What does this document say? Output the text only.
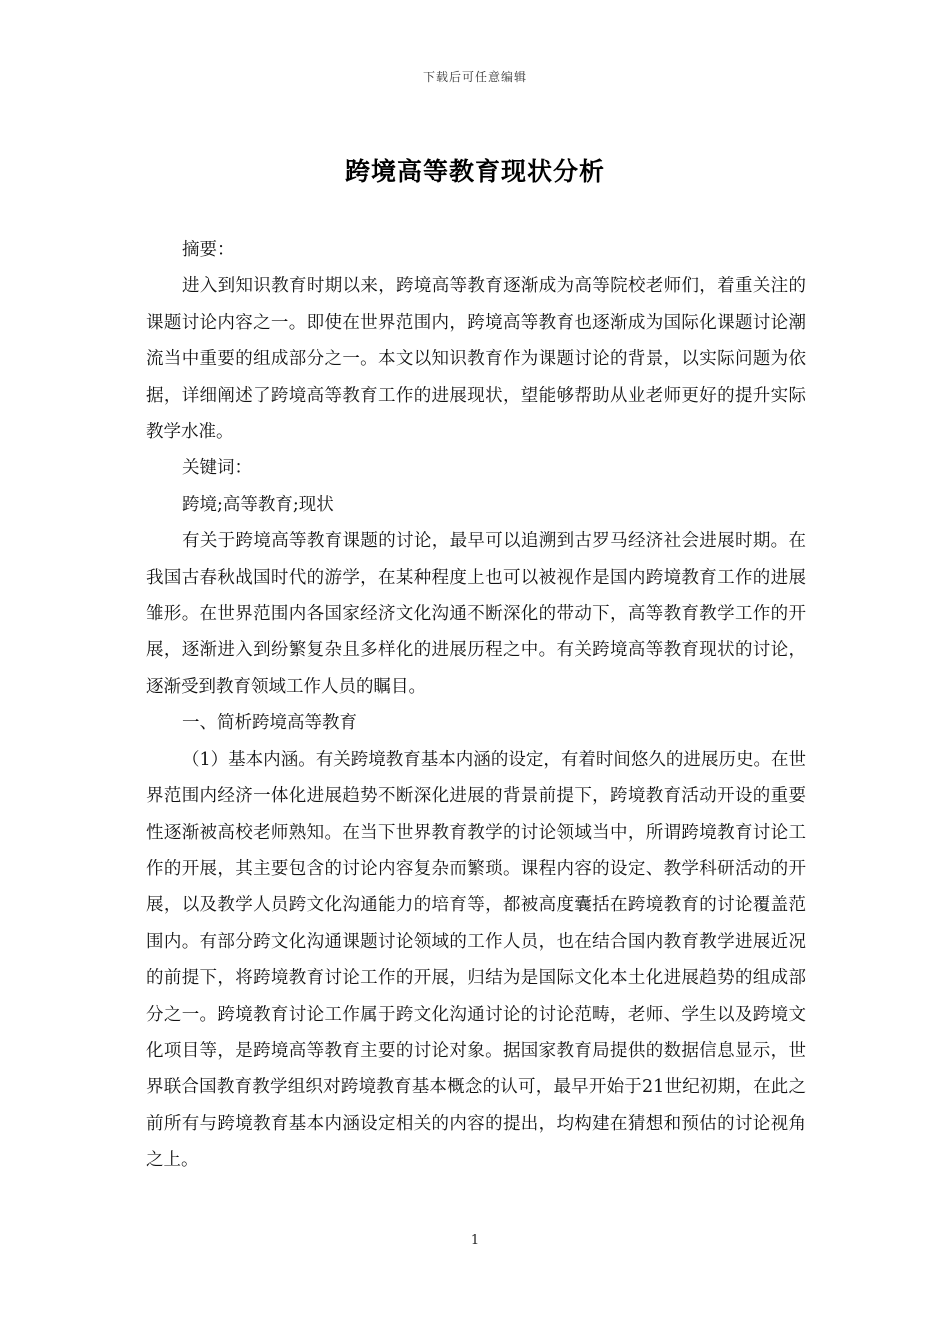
下载后可任意编辑
跨境高等教育现状分析

摘要：

进入到知识教育时期以来，跨境高等教育逐渐成为高等院校老师们，着重关注的课题讨论内容之一。即使在世界范围内，跨境高等教育也逐渐成为国际化课题讨论潮流当中重要的组成部分之一。本文以知识教育作为课题讨论的背景，以实际问题为依据，详细阐述了跨境高等教育工作的进展现状，望能够帮助从业老师更好的提升实际教学水准。

关键词：

跨境;高等教育;现状

有关于跨境高等教育课题的讨论，最早可以追溯到古罗马经济社会进展时期。在我国古春秋战国时代的游学，在某种程度上也可以被视作是国内跨境教育工作的进展雏形。在世界范围内各国家经济文化沟通不断深化的带动下，高等教育教学工作的开展，逐渐进入到纷繁复杂且多样化的进展历程之中。有关跨境高等教育现状的讨论，逐渐受到教育领域工作人员的瞩目。

一、简析跨境高等教育

（1）基本内涵。有关跨境教育基本内涵的设定，有着时间悠久的进展历史。在世界范围内经济一体化进展趋势不断深化进展的背景前提下，跨境教育活动开设的重要性逐渐被高校老师熟知。在当下世界教育教学的讨论领域当中，所谓跨境教育讨论工作的开展，其主要包含的讨论内容复杂而繁琐。课程内容的设定、教学科研活动的开展，以及教学人员跨文化沟通能力的培育等，都被高度囊括在跨境教育的讨论覆盖范围内。有部分跨文化沟通课题讨论领域的工作人员，也在结合国内教育教学进展近况的前提下，将跨境教育讨论工作的开展，归结为是国际文化本土化进展趋势的组成部分之一。跨境教育讨论工作属于跨文化沟通讨论的讨论范畴，老师、学生以及跨境文化项目等，是跨境高等教育主要的讨论对象。据国家教育局提供的数据信息显示，世界联合国教育教学组织对跨境教育基本概念的认可，最早开始于21世纪初期，在此之前所有与跨境教育基本内涵设定相关的内容的提出，均构建在猜想和预估的讨论视角之上。

1
